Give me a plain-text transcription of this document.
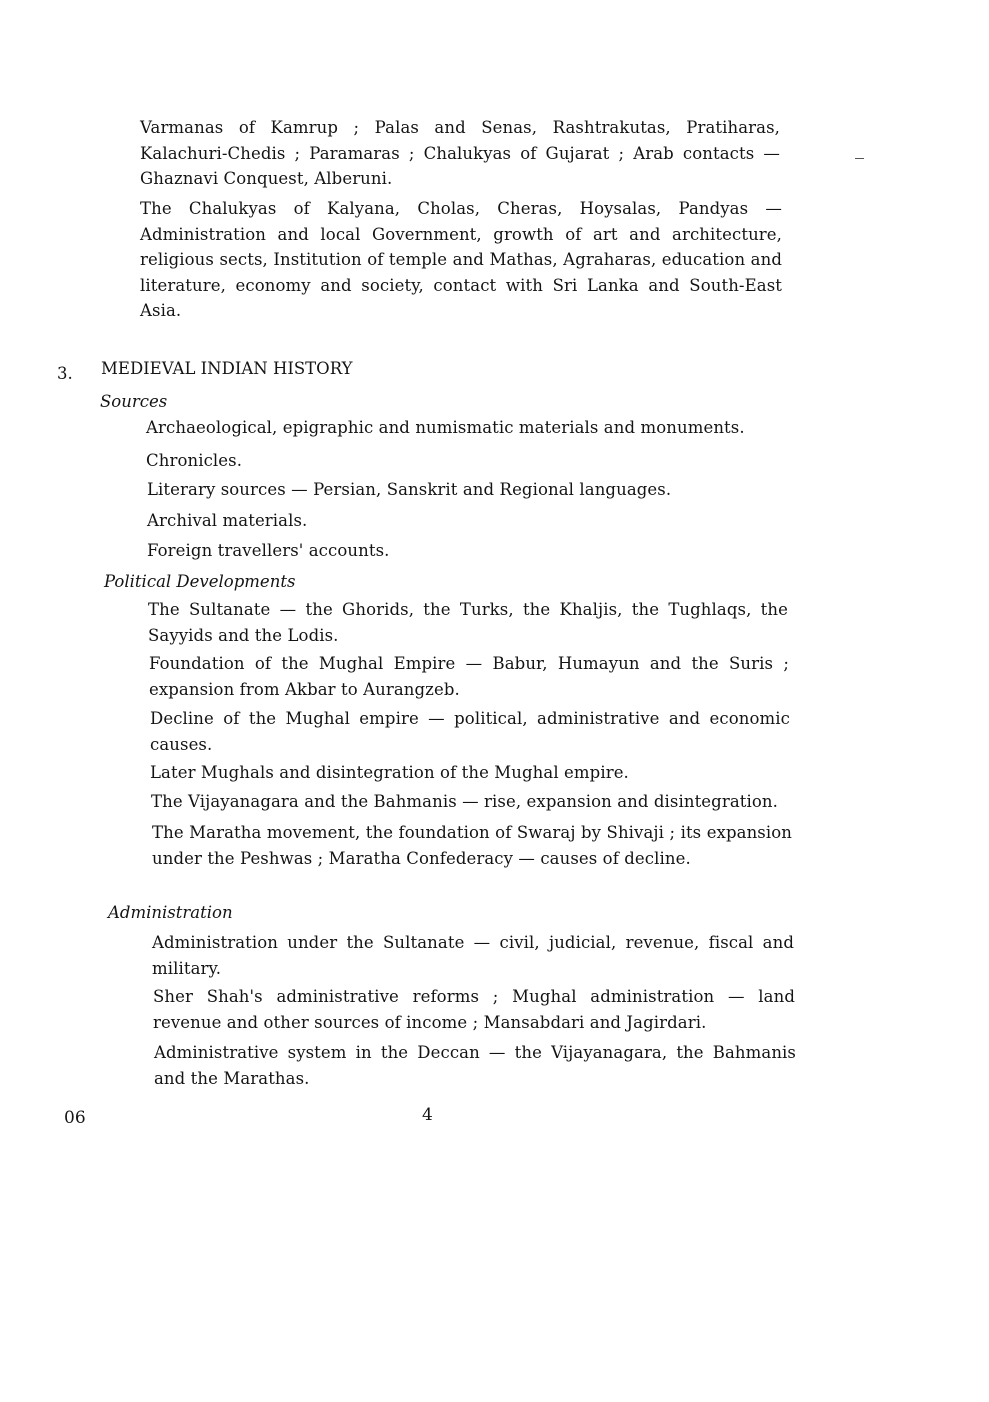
Varmanas of Kamrup ; Palas and Senas, Rashtrakutas, Pratiharas, Kalachuri-Chedis ; Paramaras ; Chalukyas of Gujarat ; Arab contacts — Ghaznavi Conquest, Alberuni.

The Chalukyas of Kalyana, Cholas, Cheras, Hoysalas, Pandyas — Administration and local Government, growth of art and architecture, religious sects, Institution of temple and Mathas, Agraharas, education and literature, economy and society, contact with Sri Lanka and South-East Asia.

3. MEDIEVAL INDIAN HISTORY

Sources

Archaeological, epigraphic and numismatic materials and monuments.

Chronicles.

Literary sources — Persian, Sanskrit and Regional languages.

Archival materials.

Foreign travellers' accounts.

Political Developments

The Sultanate — the Ghorids, the Turks, the Khaljis, the Tughlaqs, the Sayyids and the Lodis.

Foundation of the Mughal Empire — Babur, Humayun and the Suris ; expansion from Akbar to Aurangzeb.

Decline of the Mughal empire — political, administrative and economic causes.

Later Mughals and disintegration of the Mughal empire.

The Vijayanagara and the Bahmanis — rise, expansion and disintegration.

The Maratha movement, the foundation of Swaraj by Shivaji ; its expansion under the Peshwas ; Maratha Confederacy — causes of decline.

Administration

Administration under the Sultanate — civil, judicial, revenue, fiscal and military.

Sher Shah's administrative reforms ; Mughal administration — land revenue and other sources of income ; Mansabdari and Jagirdari.

Administrative system in the Deccan — the Vijayanagara, the Bahmanis and the Marathas.

06	4
